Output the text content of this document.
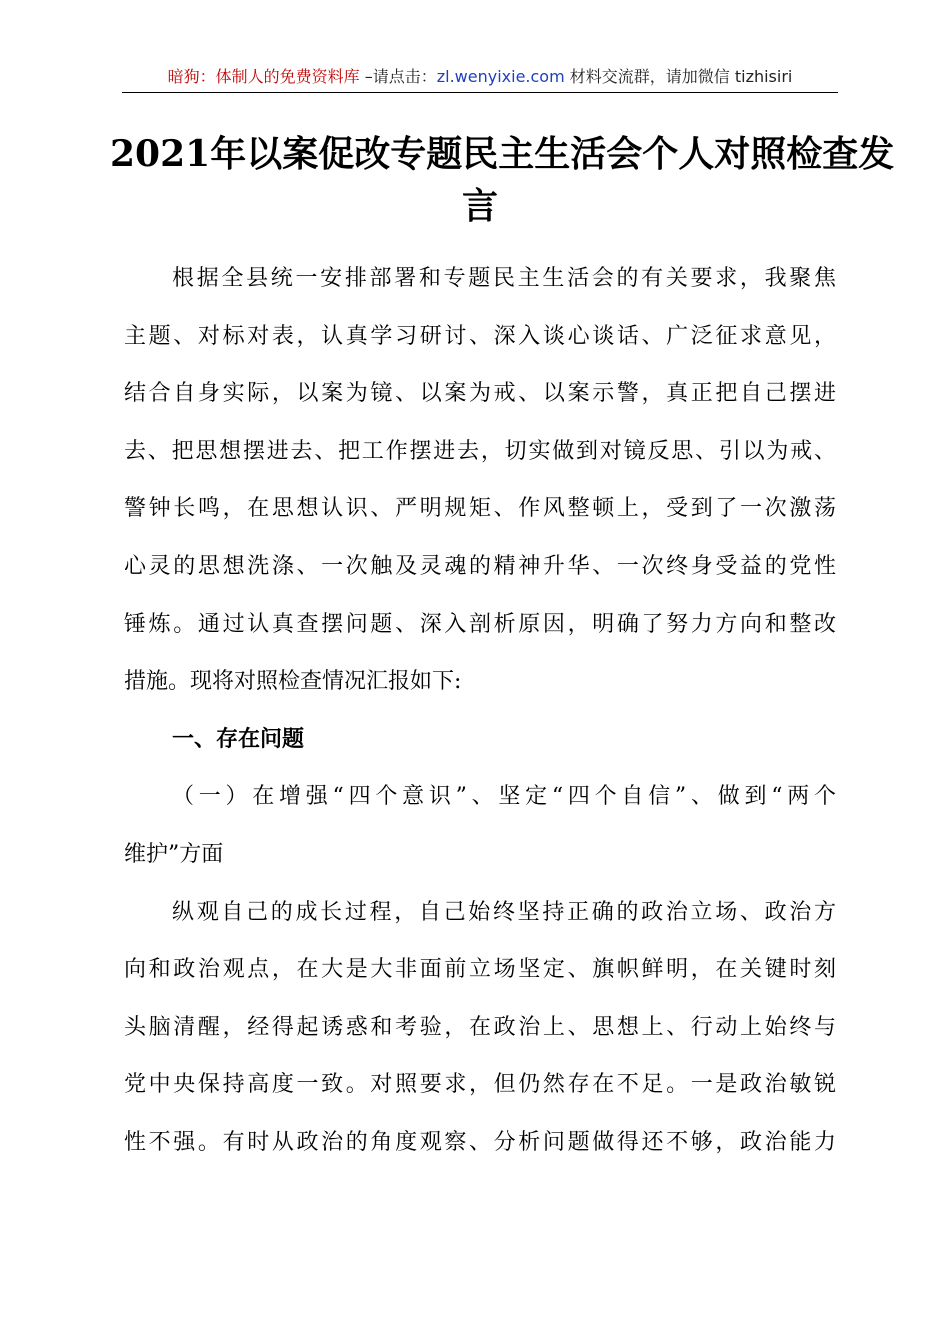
暗狗：体制人的免费资料库 –请点击：zl.wenyixie.com 材料交流群，请加微信 tizhisiri
2021年以案促改专题民主生活会个人对照检查发
言
根据全县统一安排部署和专题民主生活会的有关要求，我聚焦
主题、对标对表，认真学习研讨、深入谈心谈话、广泛征求意见，
结合自身实际，以案为镜、以案为戒、以案示警，真正把自己摆进
去、把思想摆进去、把工作摆进去，切实做到对镜反思、引以为戒、
警钟长鸣，在思想认识、严明规矩、作风整顿上，受到了一次激荡
心灵的思想洗涤、一次触及灵魂的精神升华、一次终身受益的党性
锤炼。通过认真查摆问题、深入剖析原因，明确了努力方向和整改
措施。现将对照检查情况汇报如下:
一、存在问题
（一）在增强“四个意识”、坚定“四个自信”、做到“两个
维护”方面
纵观自己的成长过程，自己始终坚持正确的政治立场、政治方
向和政治观点，在大是大非面前立场坚定、旗帜鲜明，在关键时刻
头脑清醒，经得起诱惑和考验，在政治上、思想上、行动上始终与
党中央保持高度一致。对照要求，但仍然存在不足。一是政治敏锐
性不强。有时从政治的角度观察、分析问题做得还不够，政治能力
